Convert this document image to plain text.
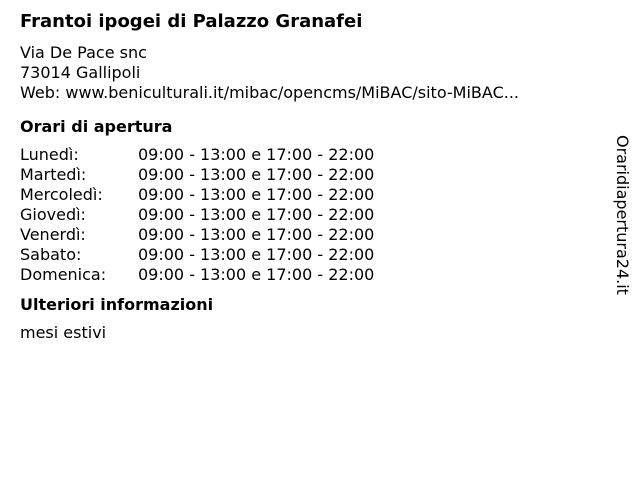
Frantoi ipogei di Palazzo Granafei
Via De Pace snc
73014 Gallipoli
Web: www.beniculturali.it/mibac/opencms/MiBAC/sito-MiBAC...
Orari di apertura
Lunedì:	09:00 - 13:00 e 17:00 - 22:00
Martedì:	09:00 - 13:00 e 17:00 - 22:00
Mercoledì:	09:00 - 13:00 e 17:00 - 22:00
Giovedì:	09:00 - 13:00 e 17:00 - 22:00
Venerdì:	09:00 - 13:00 e 17:00 - 22:00
Sabato:	09:00 - 13:00 e 17:00 - 22:00
Domenica:	09:00 - 13:00 e 17:00 - 22:00
Ulteriori informazioni
mesi estivi
Oraridiapertura24.it
